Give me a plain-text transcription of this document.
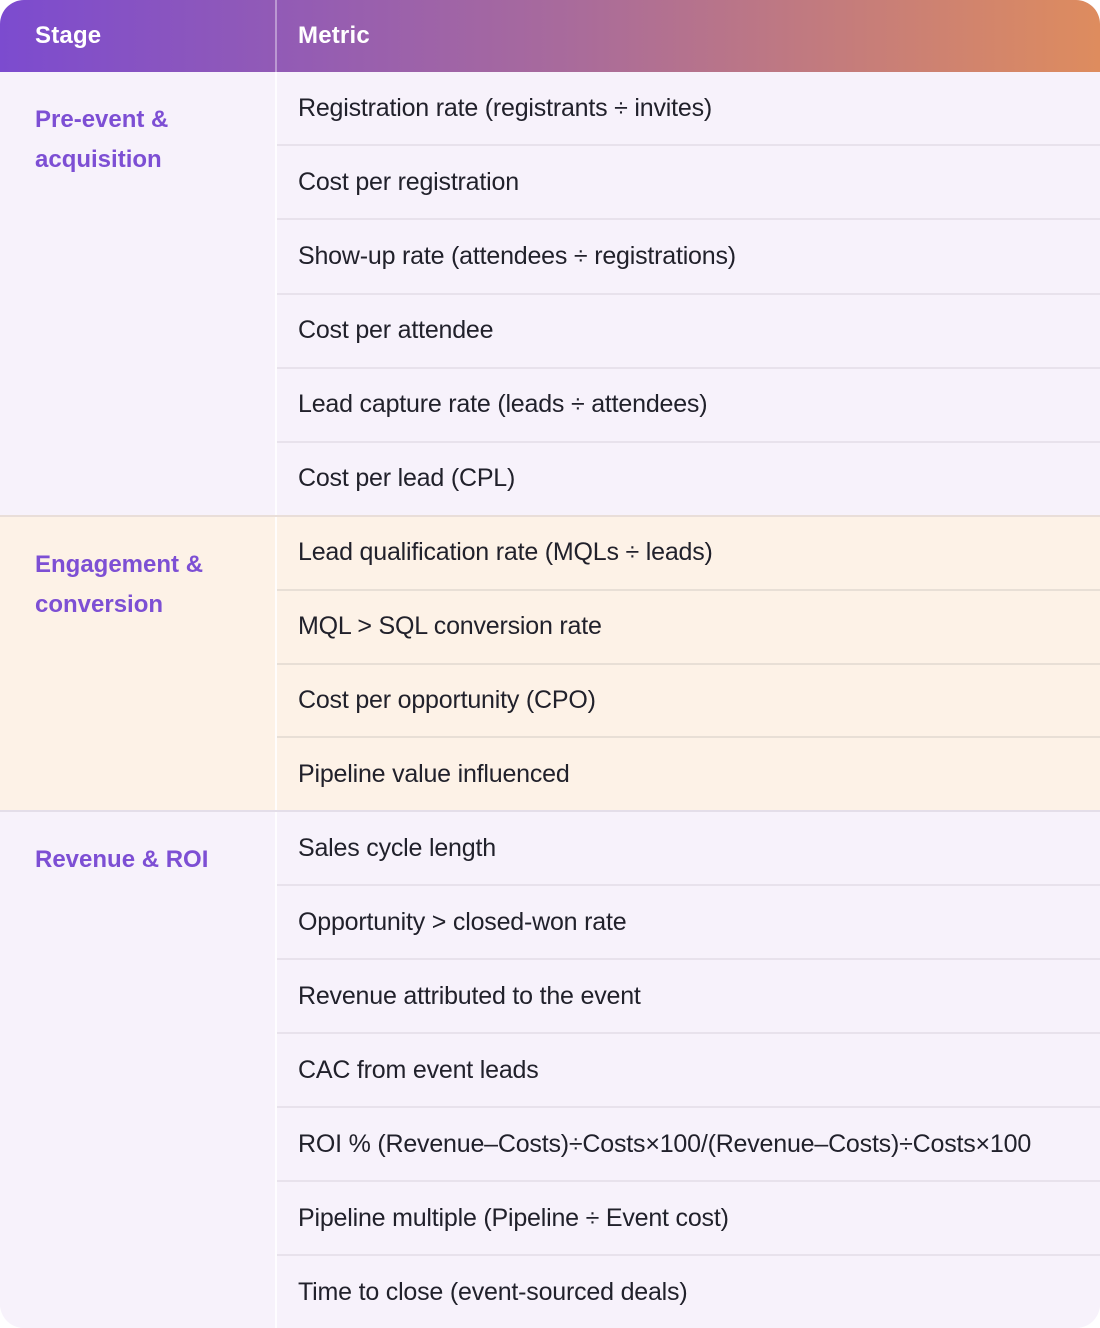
Stage	Metric
Pre-event & acquisition
Registration rate (registrants ÷ invites)
Cost per registration
Show-up rate (attendees ÷ registrations)
Cost per attendee
Lead capture rate (leads ÷ attendees)
Cost per lead (CPL)
Engagement & conversion
Lead qualification rate (MQLs ÷ leads)
MQL > SQL conversion rate
Cost per opportunity (CPO)
Pipeline value influenced
Revenue & ROI	Sales cycle length
Opportunity > closed-won rate
Revenue attributed to the event
CAC from event leads
ROI % (Revenue–Costs)÷Costs×100/(Revenue–Costs)÷Costs×100
Pipeline multiple (Pipeline ÷ Event cost)
Time to close (event-sourced deals)
